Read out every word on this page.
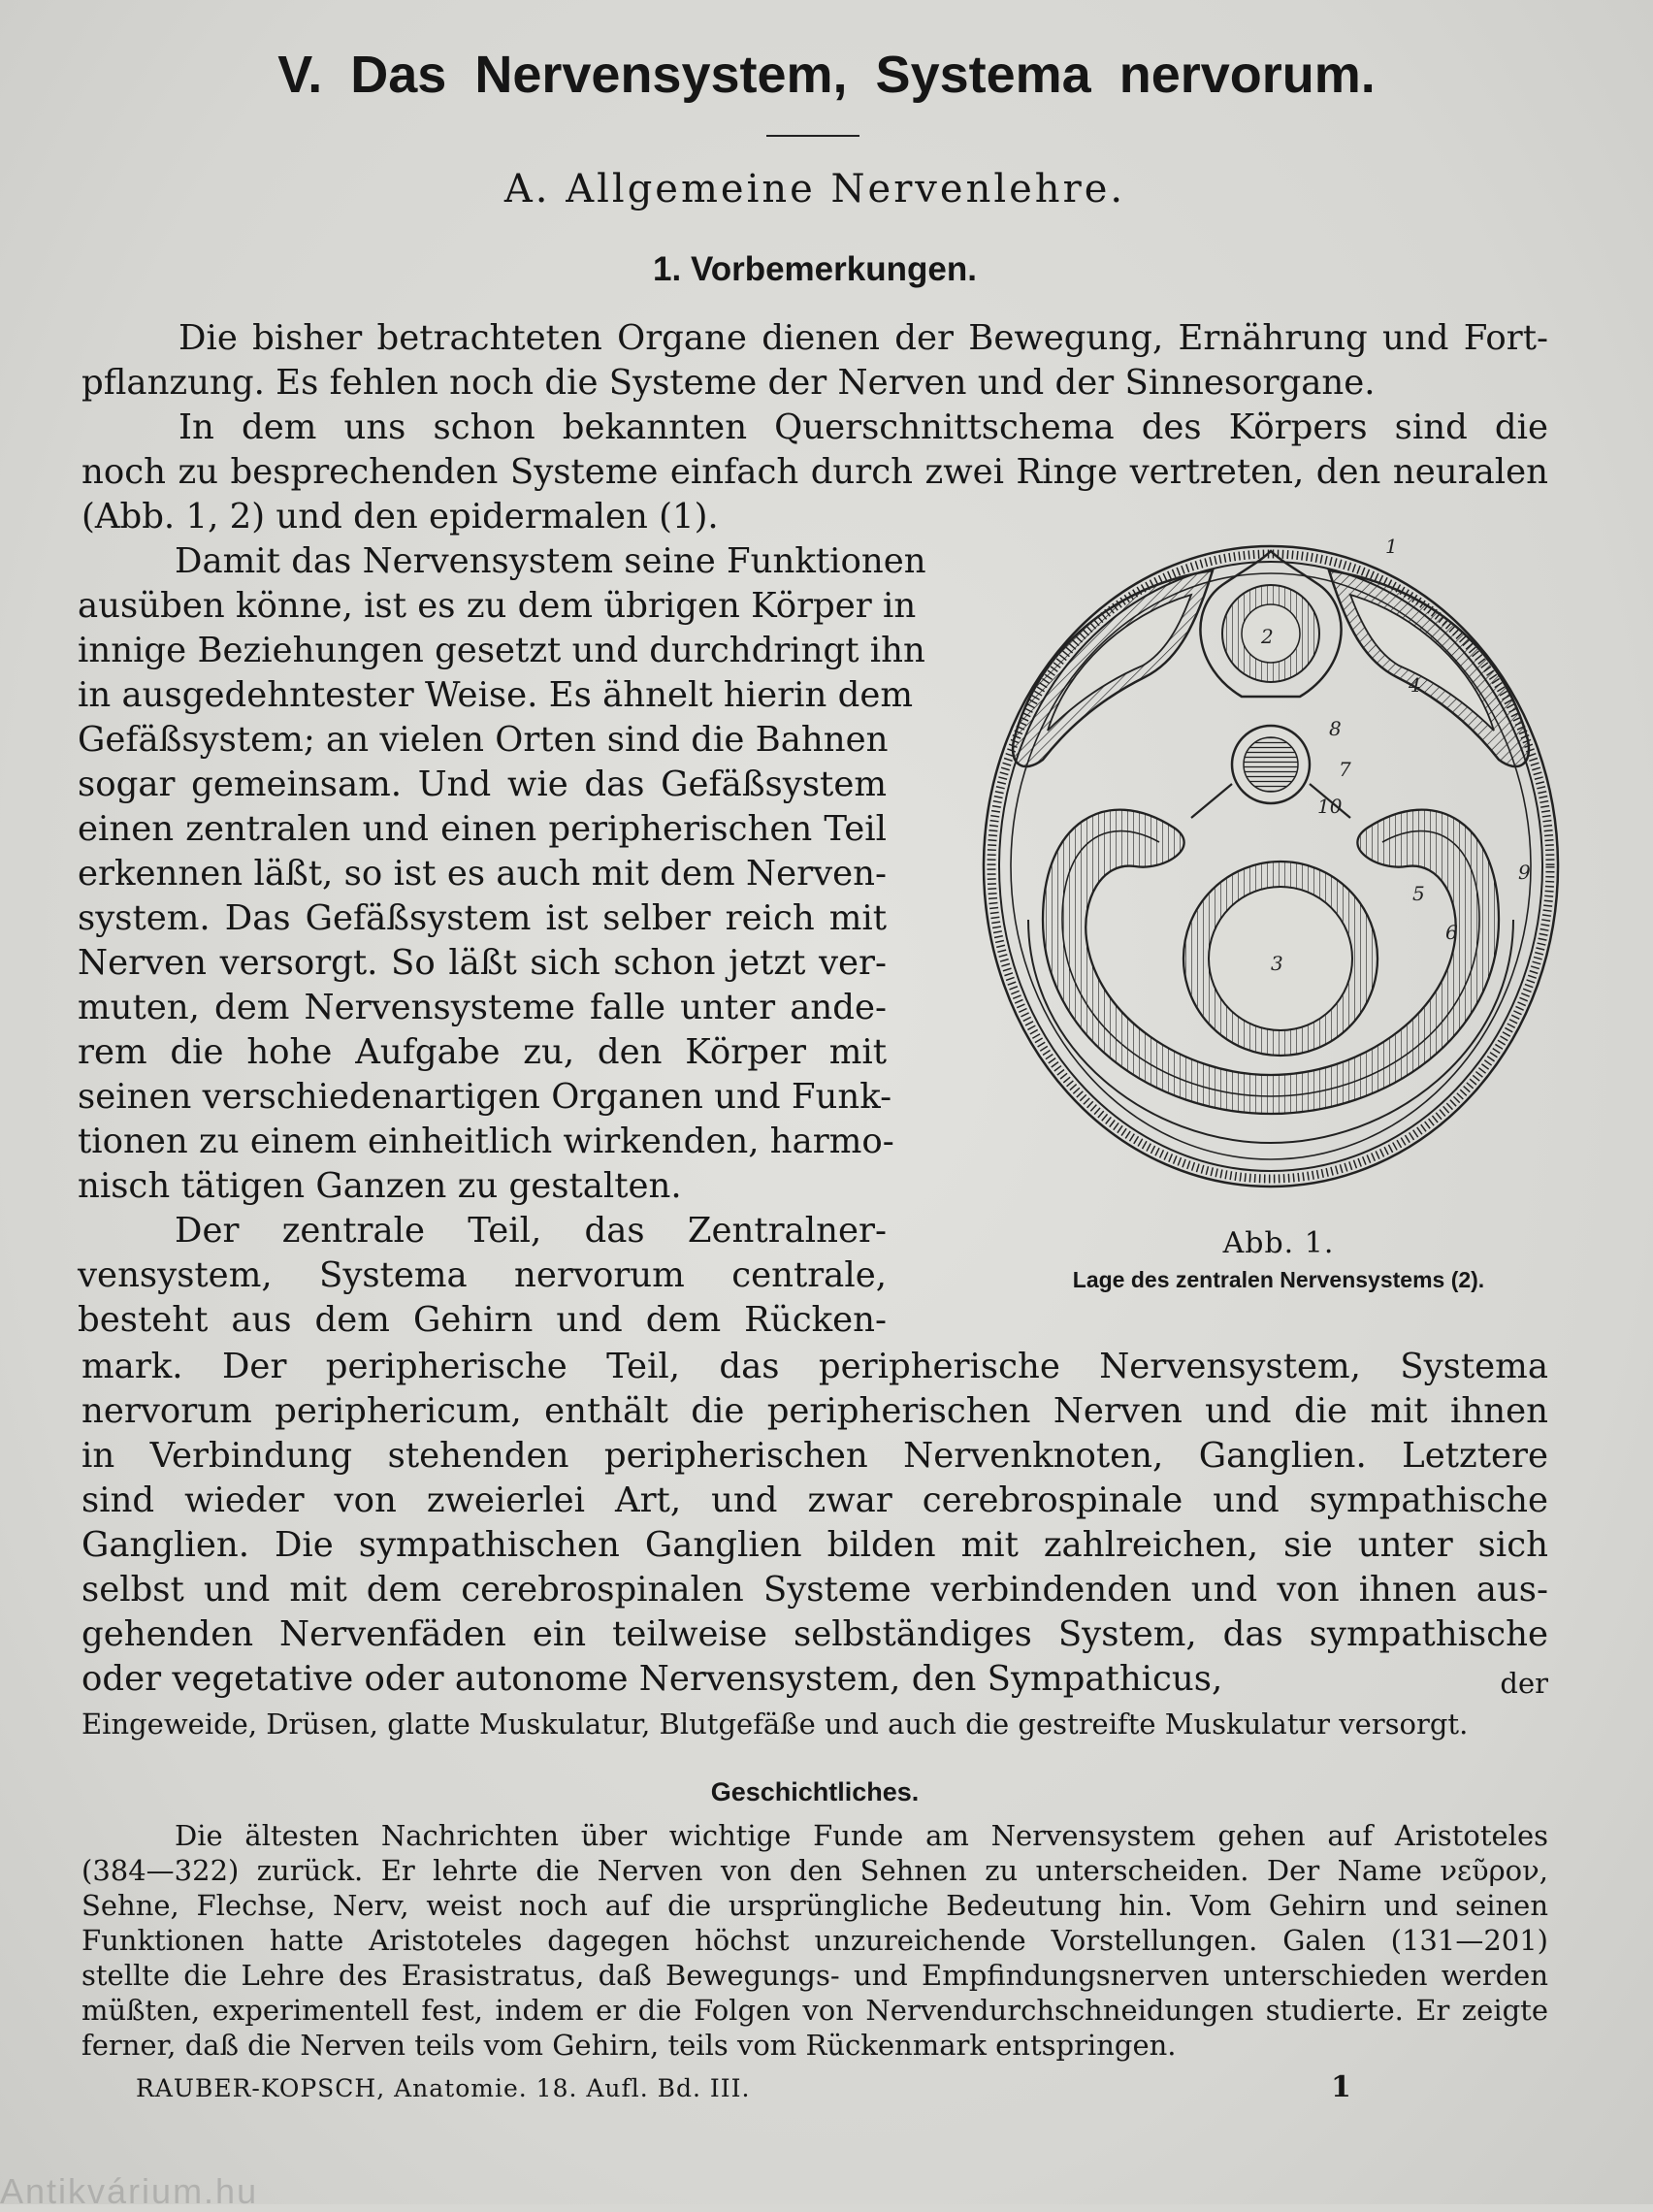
V. Das Nervensystem, Systema nervorum.
A. Allgemeine Nervenlehre.
1. Vorbemerkungen.
Die bisher betrachteten Organe dienen der Bewegung, Ernährung und Fort-
pflanzung. Es fehlen noch die Systeme der Nerven und der Sinnesorgane.
In dem uns schon bekannten Querschnittschema des Körpers sind die
noch zu besprechenden Systeme einfach durch zwei Ringe vertreten, den neuralen
(Abb. 1, 2) und den epidermalen (1).
Damit das Nervensystem seine Funktionen
ausüben könne, ist es zu dem übrigen Körper in
innige Beziehungen gesetzt und durchdringt ihn
in ausgedehntester Weise. Es ähnelt hierin dem
Gefäßsystem; an vielen Orten sind die Bahnen
sogar gemeinsam. Und wie das Gefäßsystem
einen zentralen und einen peripherischen Teil
erkennen läßt, so ist es auch mit dem Nerven-
system. Das Gefäßsystem ist selber reich mit
Nerven versorgt. So läßt sich schon jetzt ver-
muten, dem Nervensysteme falle unter ande-
rem die hohe Aufgabe zu, den Körper mit
seinen verschiedenartigen Organen und Funk-
tionen zu einem einheitlich wirkenden, harmo-
nisch tätigen Ganzen zu gestalten.
Der zentrale Teil, das Zentralner-
vensystem, Systema nervorum centrale,
besteht aus dem Gehirn und dem Rücken-
1
2
3
4
5
6
7
8
9
10
Abb. 1.
Lage des zentralen Nervensystems (2).
mark. Der peripherische Teil, das peripherische Nervensystem, Systema
nervorum periphericum, enthält die peripherischen Nerven und die mit ihnen
in Verbindung stehenden peripherischen Nervenknoten, Ganglien. Letztere
sind wieder von zweierlei Art, und zwar cerebrospinale und sympathische
Ganglien. Die sympathischen Ganglien bilden mit zahlreichen, sie unter sich
selbst und mit dem cerebrospinalen Systeme verbindenden und von ihnen aus-
gehenden Nervenfäden ein teilweise selbständiges System, das sympathische
oder vegetative oder autonome Nervensystem, den Sympathicus,	der
Eingeweide, Drüsen, glatte Muskulatur, Blutgefäße und auch die gestreifte Muskulatur versorgt.
Geschichtliches.
Die ältesten Nachrichten über wichtige Funde am Nervensystem gehen auf Aristoteles
(384—322) zurück. Er lehrte die Nerven von den Sehnen zu unterscheiden. Der Name νεῦρον,
Sehne, Flechse, Nerv, weist noch auf die ursprüngliche Bedeutung hin. Vom Gehirn und seinen
Funktionen hatte Aristoteles dagegen höchst unzureichende Vorstellungen. Galen (131—201)
stellte die Lehre des Erasistratus, daß Bewegungs- und Empfindungsnerven unterschieden werden
müßten, experimentell fest, indem er die Folgen von Nervendurchschneidungen studierte. Er zeigte
ferner, daß die Nerven teils vom Gehirn, teils vom Rückenmark entspringen.
RAUBER-KOPSCH, Anatomie. 18. Aufl. Bd. III.	1
Antikvárium.hu
